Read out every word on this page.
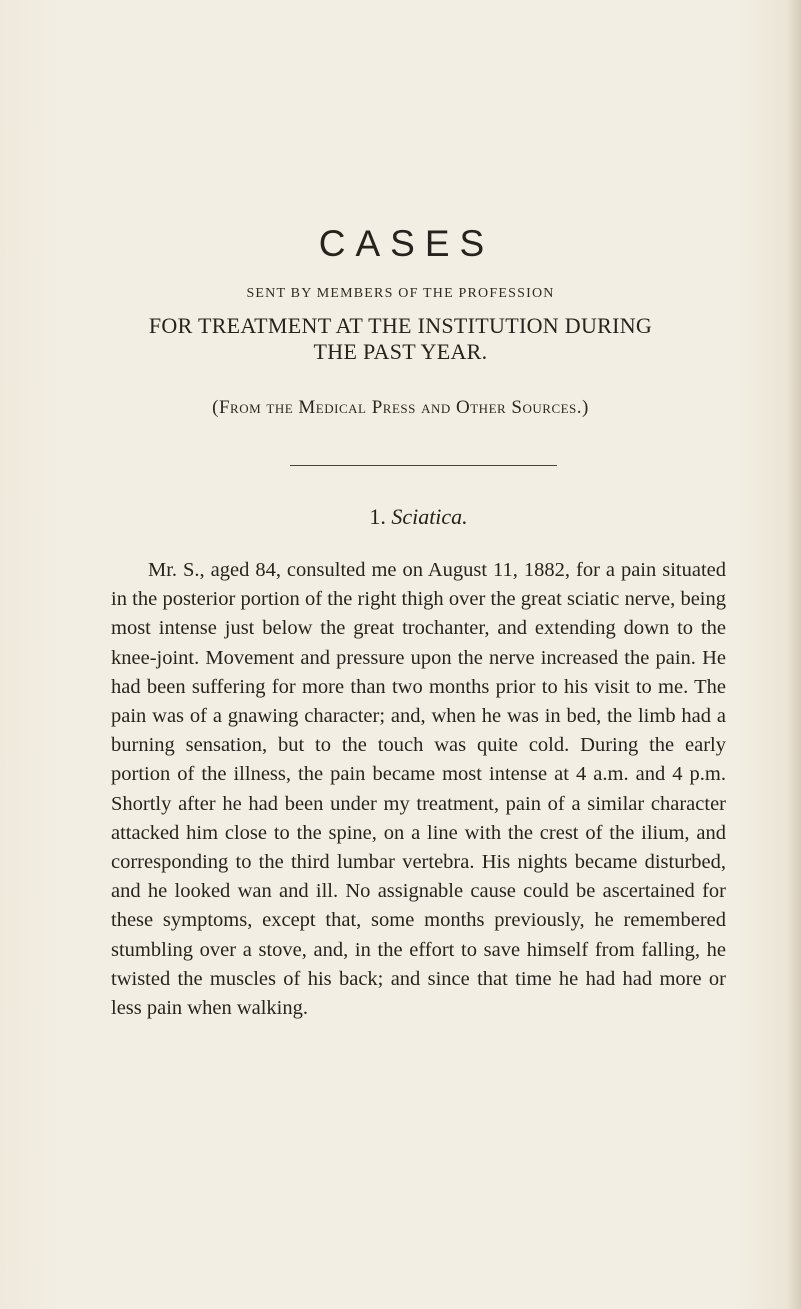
CASES
SENT BY MEMBERS OF THE PROFESSION
FOR TREATMENT AT THE INSTITUTION DURING
THE PAST YEAR.
(From the Medical Press and Other Sources.)
1. Sciatica.

Mr. S., aged 84, consulted me on August 11, 1882, for a pain situated in the posterior portion of the right thigh over the great sciatic nerve, being most intense just below the great trochanter, and extending down to the knee-joint. Movement and pressure upon the nerve increased the pain. He had been suffering for more than two months prior to his visit to me. The pain was of a gnawing character; and, when he was in bed, the limb had a burning sensation, but to the touch was quite cold. During the early portion of the illness, the pain became most intense at 4 a.m. and 4 p.m. Shortly after he had been under my treatment, pain of a similar character attacked him close to the spine, on a line with the crest of the ilium, and corresponding to the third lumbar vertebra. His nights became disturbed, and he looked wan and ill. No assignable cause could be ascertained for these symptoms, except that, some months previously, he remembered stumbling over a stove, and, in the effort to save himself from falling, he twisted the muscles of his back; and since that time he had had more or less pain when walking.
